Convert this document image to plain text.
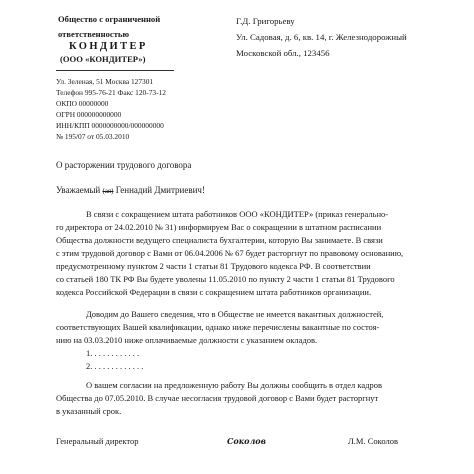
Общество с ограниченной
ответственностью
КОНДИТЕР
(ООО «КОНДИТЕР»)
Ул. Зеленая, 51 Москва 127301
Телефон 995-76-21 Факс 120-73-12
ОКПО 00000000
ОГРН 000000000000
ИНН/КПП 0000000000/000000000
№ 195/07 от 05.03.2010
Г.Д. Григорьеву
Ул. Садовая, д. 6, кв. 14, г. Железнодорожный
Московской обл., 123456
О расторжении трудового договора
Уважаемый (ая) Геннадий Дмитриевич!
В связи с сокращением штата работников ООО «КОНДИТЕР» (приказ генерально-
го директора от 24.02.2010 № 31) информируем Вас о сокращении в штатном расписании
Общества должности ведущего специалиста бухгалтерии, которую Вы занимаете. В связи
с этим трудовой договор с Вами от 06.04.2006 № 67 будет расторгнут по правовому основанию,
предусмотренному пунктом 2 части 1 статьи 81 Трудового кодекса РФ. В соответствии
со статьей 180 ТК РФ Вы будете уволены 11.05.2010 по пункту 2 части 1 статьи 81 Трудового
кодекса Российской Федерации в связи с сокращением штата работников организации.
Доводим до Вашего сведения, что в Обществе не имеется вакантных должностей,
соответствующих Вашей квалификации, однако ниже перечислены вакантные по состоя-
нию на 03.03.2010 ниже оплачиваемые должности с указанием окладов.
1. . . . . . . . . . . .
2. . . . . . . . . . . . .
О вашем согласии на предложенную работу Вы должны сообщить в отдел кадров
Общества до 07.05.2010. В случае несогласия трудовой договор с Вами будет расторгнут
в указанный срок.
Генеральный директор	Соколов	Л.М. Соколов
